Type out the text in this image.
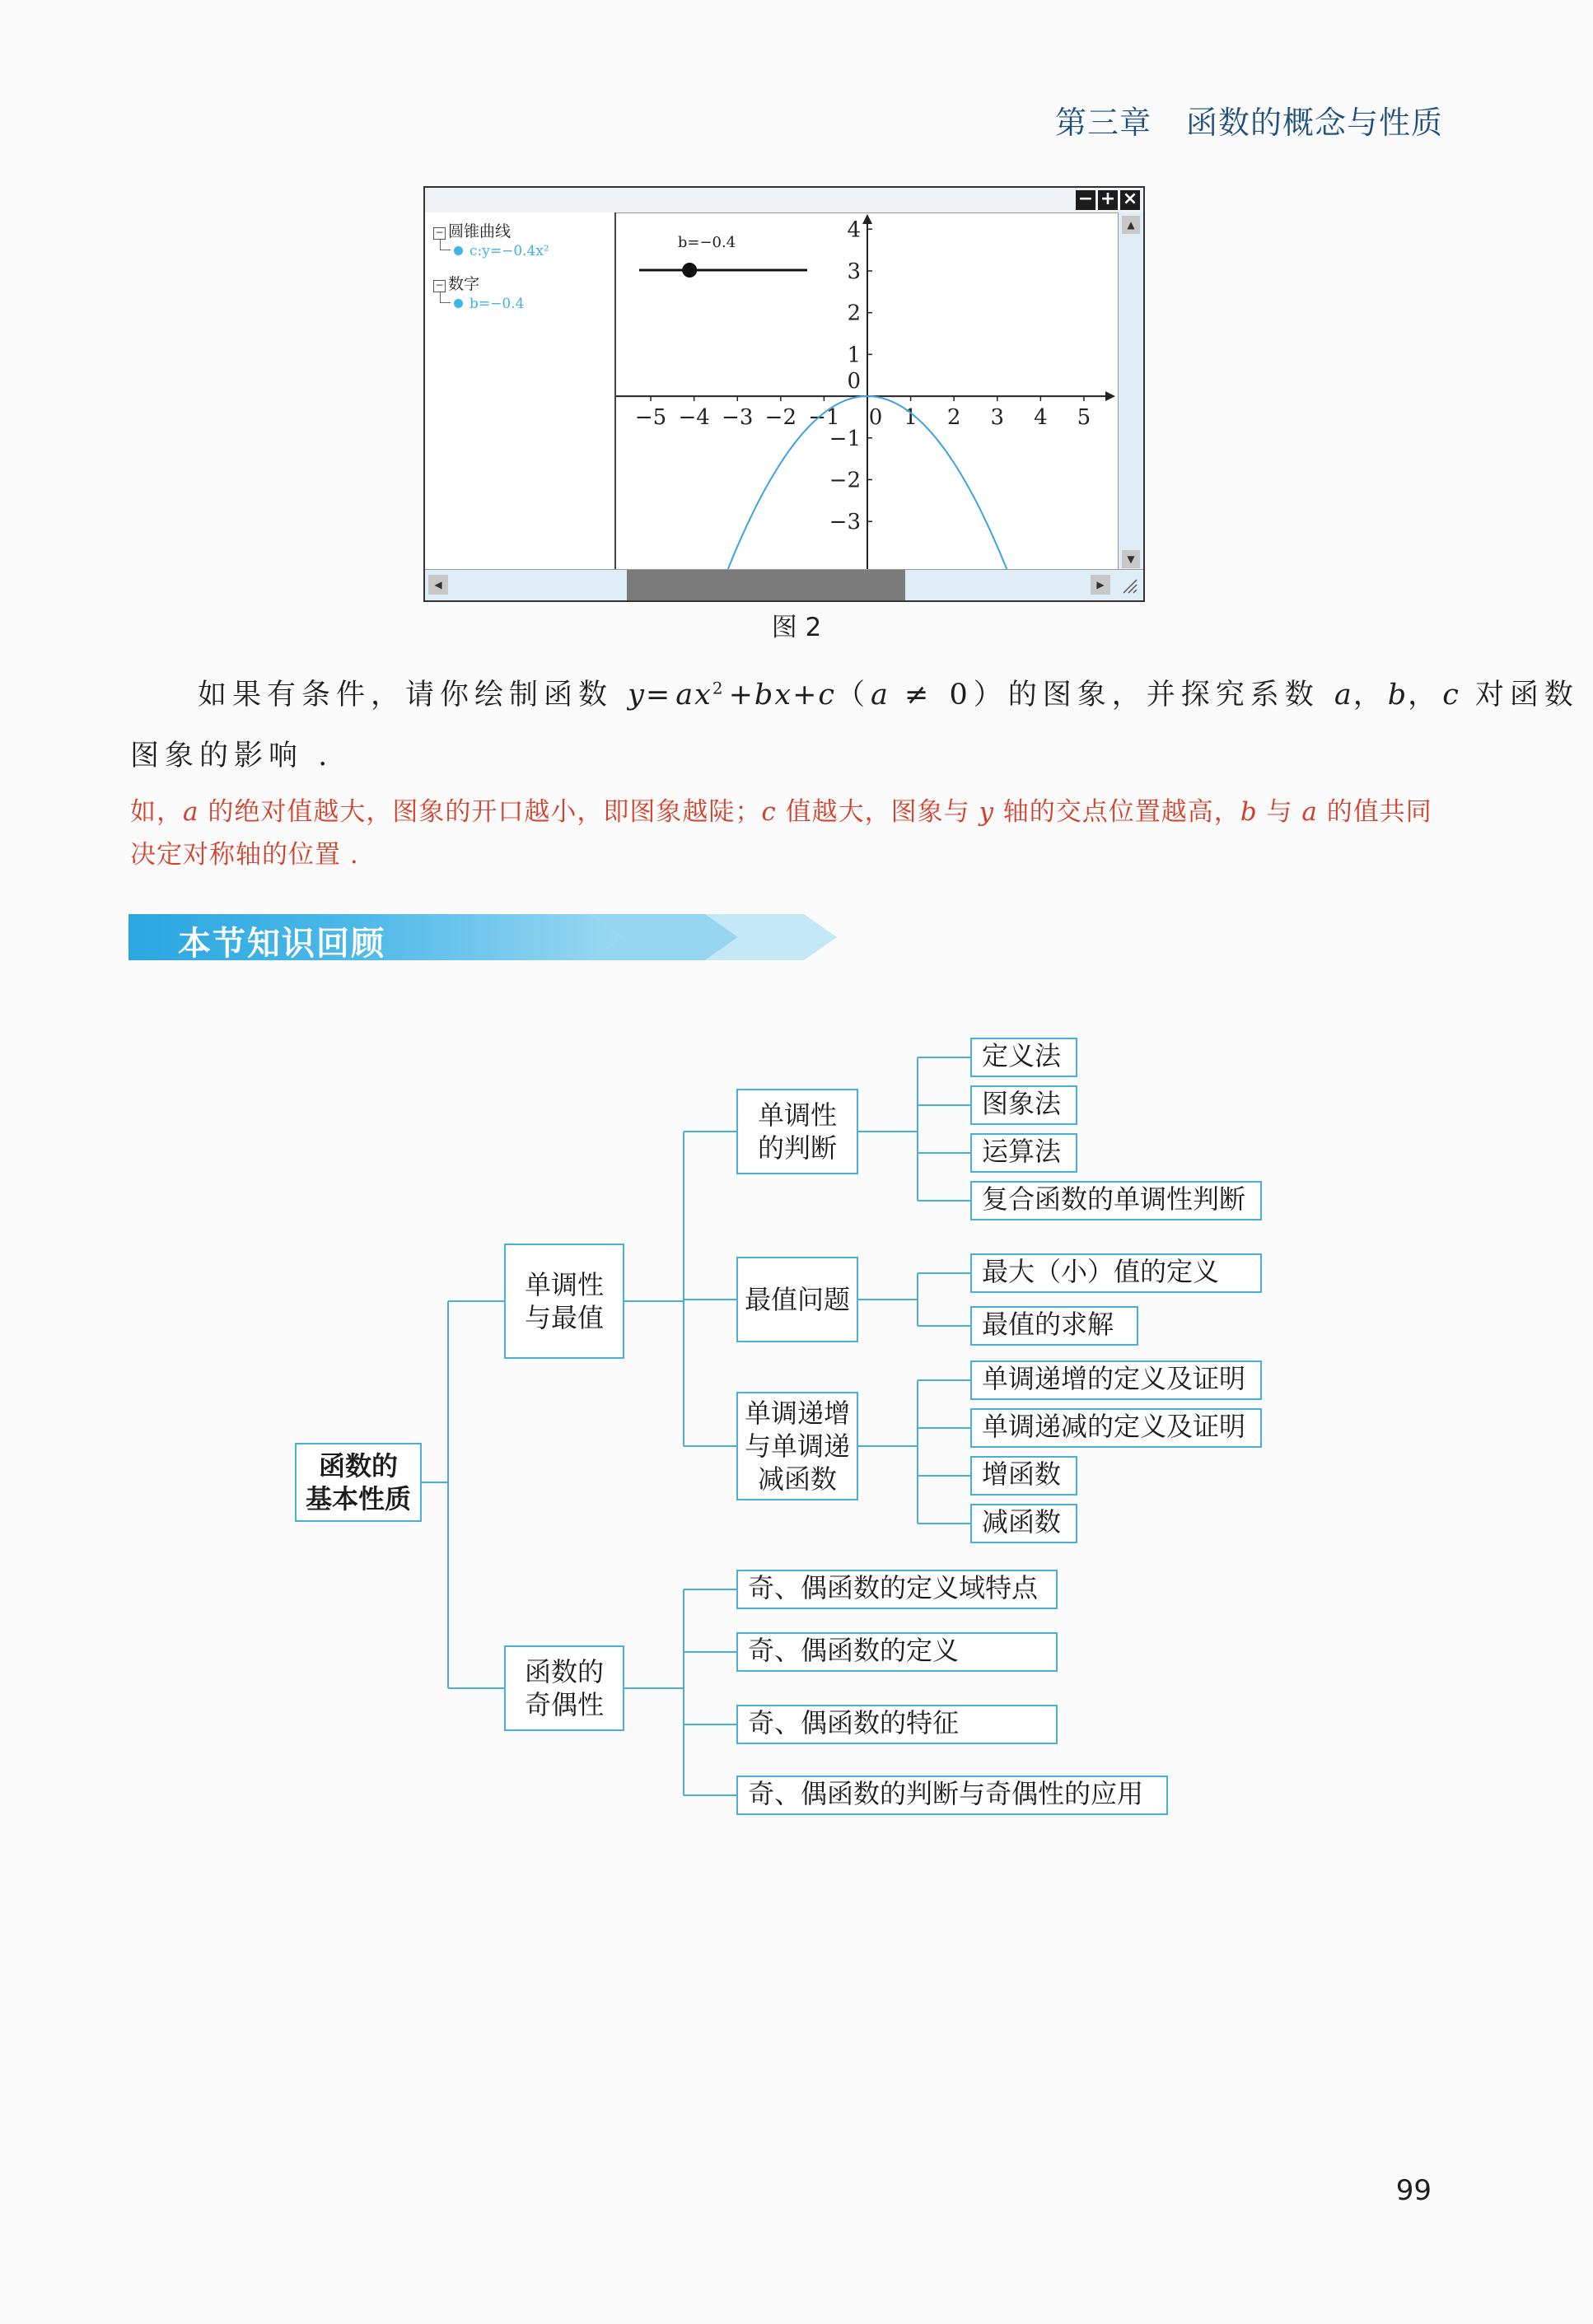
第三章 函数的概念与性质
− + ×
− 圆锥曲线
c:y=−0.4x²
− 数字
b=−0.4
−5 −4 −3 −2 −1 0 1 2 3 4 5
1
2
3
4
−1
−2
−3
0
b=−0.4
▲
▼
◀	▶
图 2
如果有条件，请你绘制函数 $y=ax^2+bx+c(a \ne 0)$的图象，并探究系数 a，b，c 对函数
图象的影响 .
如，a 的绝对值越大，图象的开口越小，即图象越陡；c 值越大，图象与 y 轴的交点位置越高，b 与 a 的值共同
决定对称轴的位置 .
本节知识回顾
函数的
基本性质
单调性
与最值
函数的
奇偶性
单调性
的判断
最值问题
单调递增
与单调递
减函数
定义法
图象法
运算法
复合函数的单调性判断
最大（小）值的定义
最值的求解
单调递增的定义及证明
单调递减的定义及证明
增函数
减函数
奇、偶函数的定义域特点
奇、偶函数的定义
奇、偶函数的特征
奇、偶函数的判断与奇偶性的应用
99
